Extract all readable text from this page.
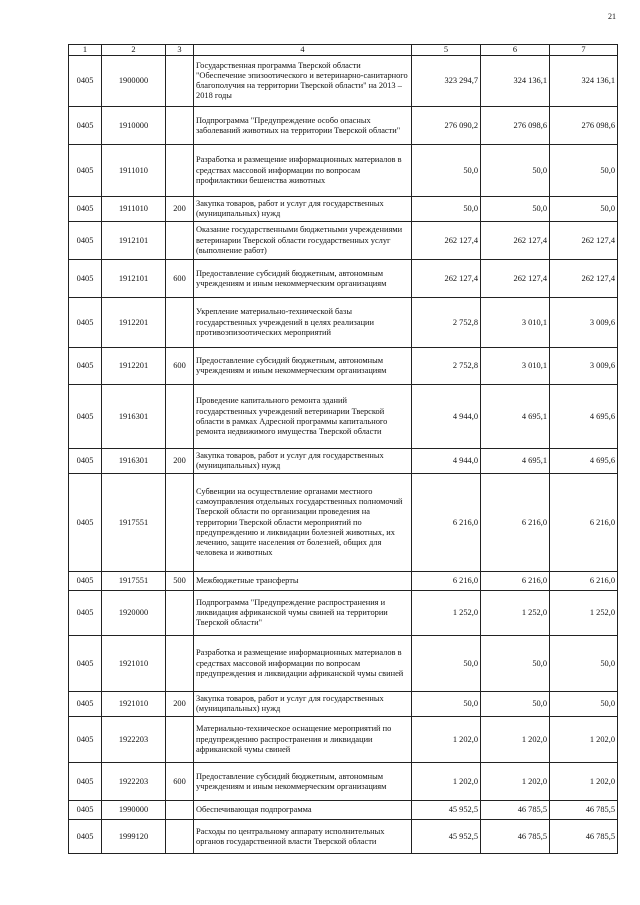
21
1	2	3	4	5	6	7
0405	1900000		Государственная программа Тверской области "Обеспечение эпизоотического и ветеринарно-санитарного благополучия на территории Тверской области" на 2013 – 2018 годы	323 294,7	324 136,1	324 136,1
0405	1910000		Подпрограмма "Предупреждение особо опасных заболеваний животных на территории Тверской области"	276 090,2	276 098,6	276 098,6
0405	1911010		Разработка и размещение информационных материалов в средствах массовой информации по вопросам профилактики бешенства животных	50,0	50,0	50,0
0405	1911010	200	Закупка товаров, работ и услуг для государственных (муниципальных) нужд	50,0	50,0	50,0
0405	1912101		Оказание государственными бюджетными учреждениями ветеринарии Тверской области государственных услуг (выполнение работ)	262 127,4	262 127,4	262 127,4
0405	1912101	600	Предоставление субсидий бюджетным, автономным учреждениям и иным некоммерческим организациям	262 127,4	262 127,4	262 127,4
0405	1912201		Укрепление материально-технической базы государственных учреждений в целях реализации противоэпизоотических мероприятий	2 752,8	3 010,1	3 009,6
0405	1912201	600	Предоставление субсидий бюджетным, автономным учреждениям и иным некоммерческим организациям	2 752,8	3 010,1	3 009,6
0405	1916301		Проведение капитального ремонта зданий государственных учреждений ветеринарии Тверской области в рамках Адресной программы капитального ремонта недвижимого имущества Тверской области	4 944,0	4 695,1	4 695,6
0405	1916301	200	Закупка товаров, работ и услуг для государственных (муниципальных) нужд	4 944,0	4 695,1	4 695,6
0405	1917551		Субвенции на осуществление органами местного самоуправления отдельных государственных полномочий Тверской области по организации проведения на территории Тверской области мероприятий по предупреждению и ликвидации болезней животных, их лечению, защите населения от болезней, общих для человека и животных	6 216,0	6 216,0	6 216,0
0405	1917551	500	Межбюджетные трансферты	6 216,0	6 216,0	6 216,0
0405	1920000		Подпрограмма "Предупреждение распространения и ликвидация африканской чумы свиней на территории Тверской области"	1 252,0	1 252,0	1 252,0
0405	1921010		Разработка и размещение информационных материалов в средствах массовой информации по вопросам предупреждения и ликвидации африканской чумы свиней	50,0	50,0	50,0
0405	1921010	200	Закупка товаров, работ и услуг для государственных (муниципальных) нужд	50,0	50,0	50,0
0405	1922203		Материально-техническое оснащение мероприятий по предупреждению распространения и ликвидации африканской чумы свиней	1 202,0	1 202,0	1 202,0
0405	1922203	600	Предоставление субсидий бюджетным, автономным учреждениям и иным некоммерческим организациям	1 202,0	1 202,0	1 202,0
0405	1990000		Обеспечивающая подпрограмма	45 952,5	46 785,5	46 785,5
0405	1999120		Расходы по центральному аппарату исполнительных органов государственной власти Тверской области	45 952,5	46 785,5	46 785,5
